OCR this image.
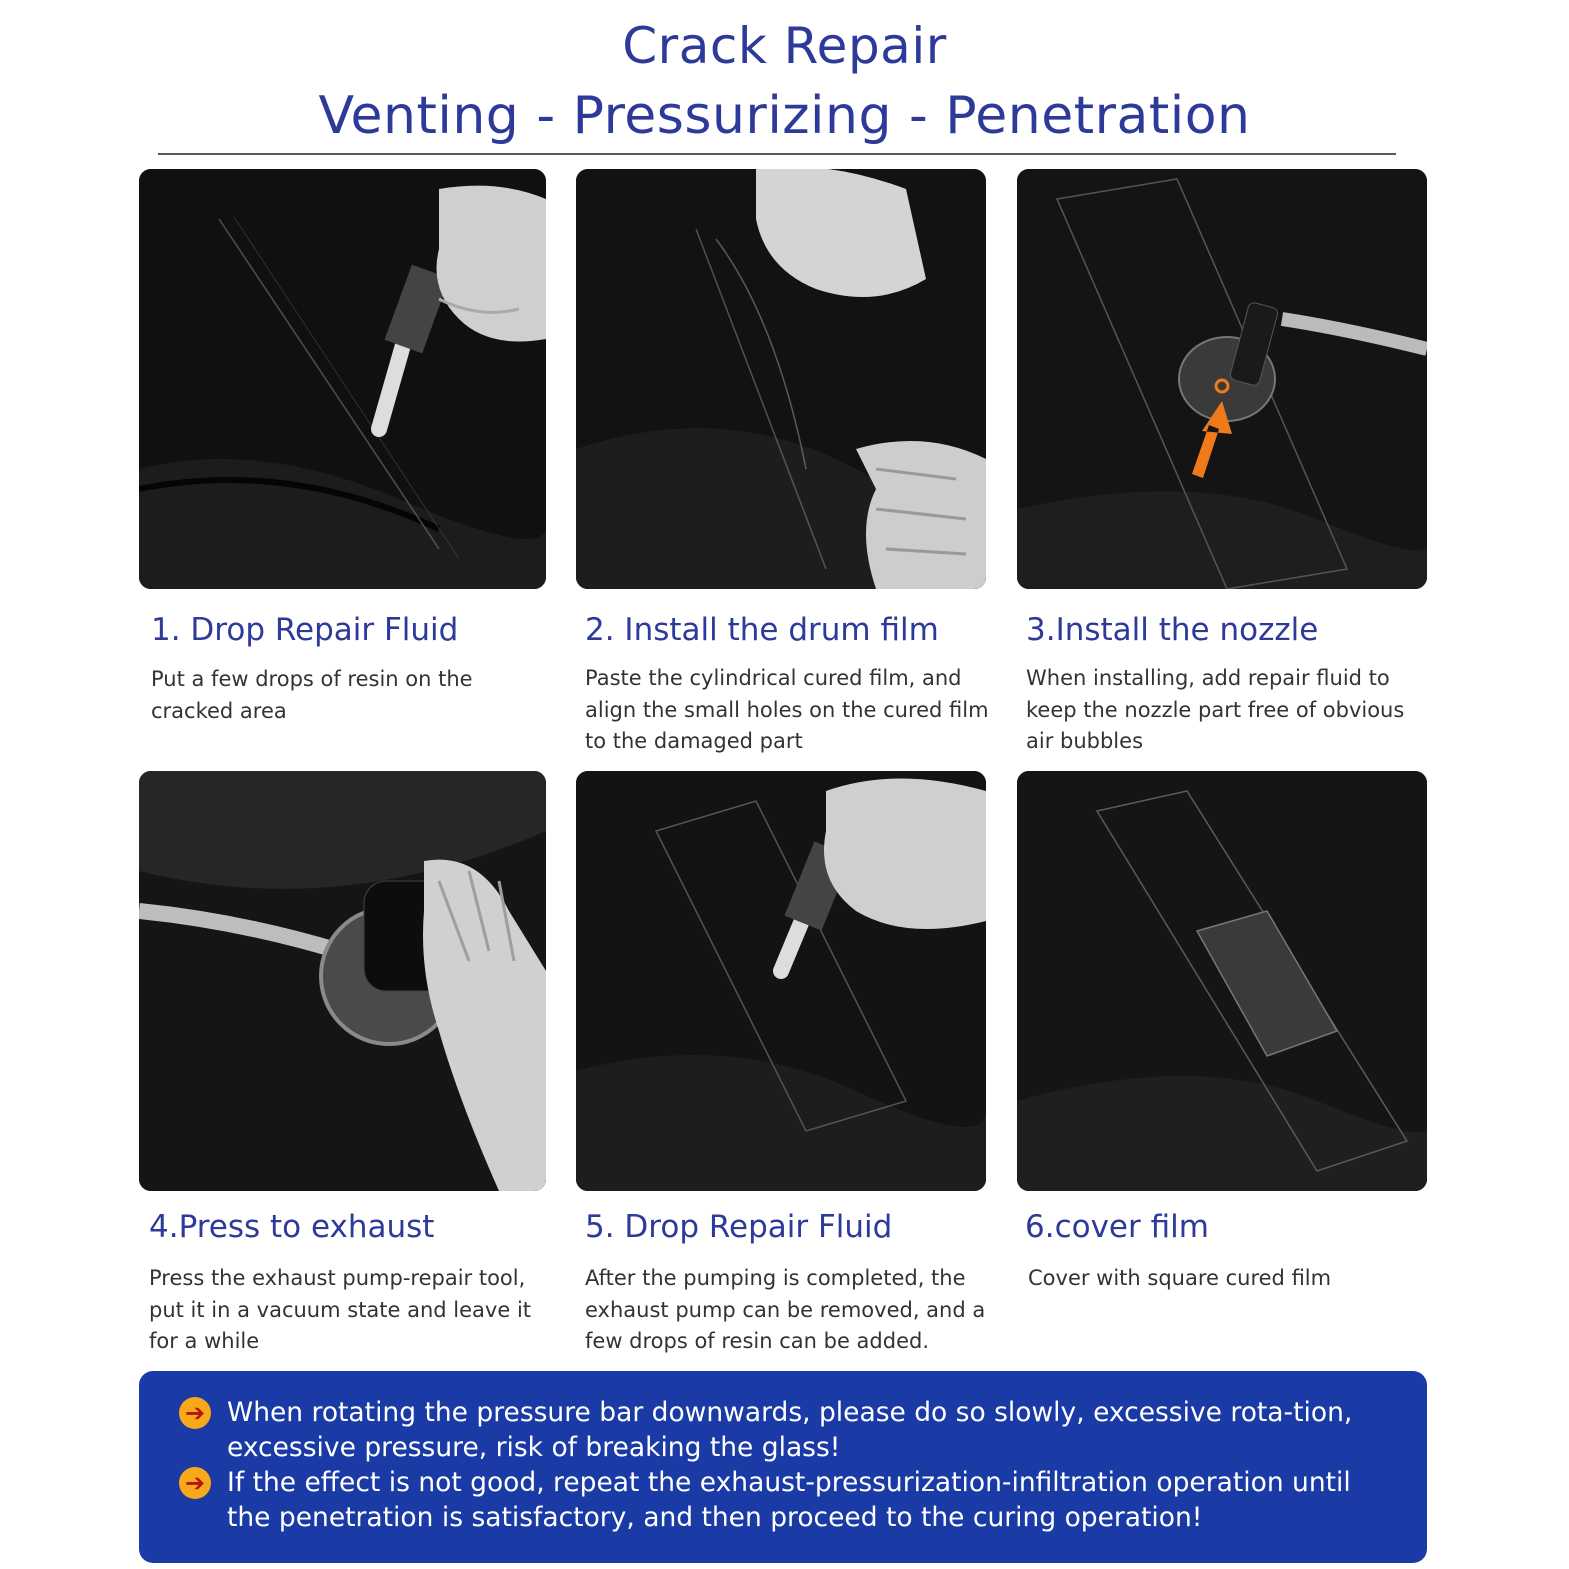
Crack Repair
Venting - Pressurizing - Penetration
1. Drop Repair Fluid
Put a few drops of resin on the cracked area
2. Install the drum film
Paste the cylindrical cured film, and align the small holes on the cured film to the damaged part
3.Install the nozzle
When installing, add repair fluid to keep the nozzle part free of obvious air bubbles
4.Press to exhaust
Press the exhaust pump-repair tool, put it in a vacuum state and leave it for a while
5. Drop Repair Fluid
After the pumping is completed, the exhaust pump can be removed, and a few drops of resin can be added.
6.cover film
Cover with square cured film
➔ When rotating the pressure bar downwards, please do so slowly, excessive rota-tion, excessive pressure, risk of breaking the glass!
➔ If the effect is not good, repeat the exhaust-pressurization-infiltration operation until the penetration is satisfactory, and then proceed to the curing operation!
